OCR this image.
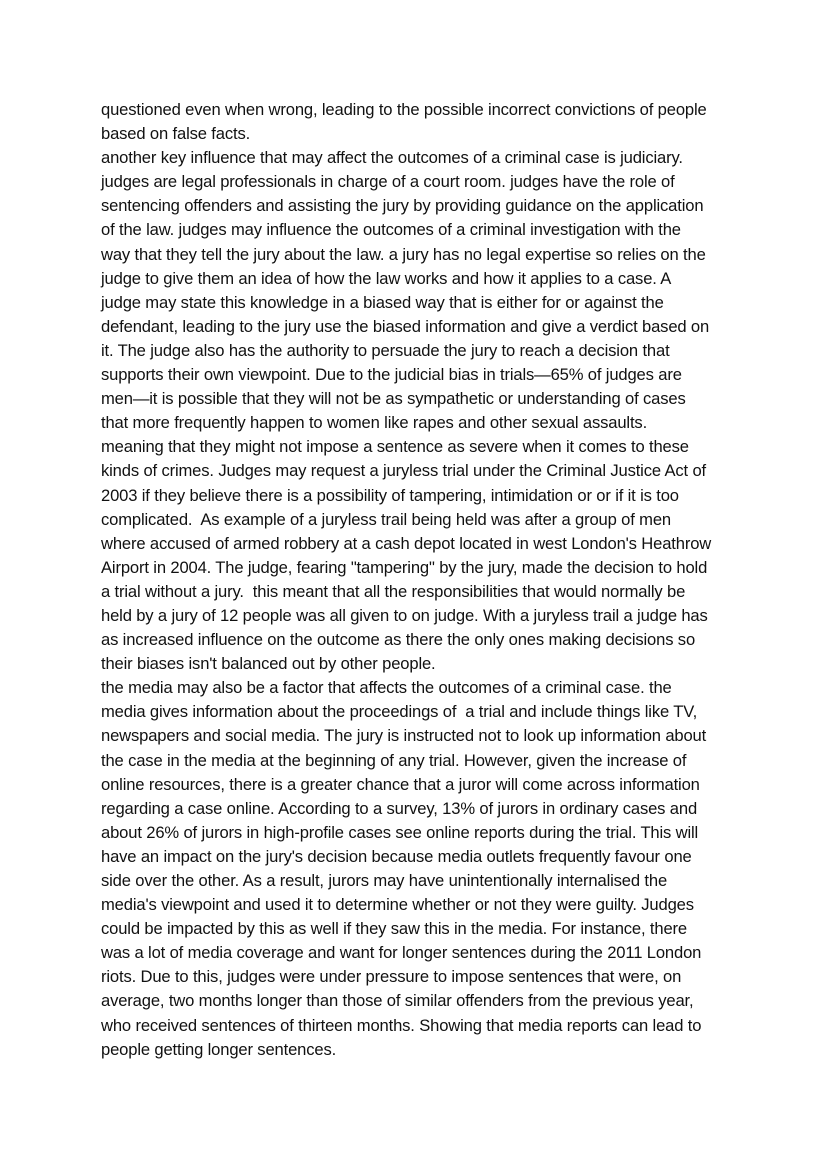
questioned even when wrong, leading to the possible incorrect convictions of people
based on false facts.
another key influence that may affect the outcomes of a criminal case is judiciary.
judges are legal professionals in charge of a court room. judges have the role of
sentencing offenders and assisting the jury by providing guidance on the application
of the law. judges may influence the outcomes of a criminal investigation with the
way that they tell the jury about the law. a jury has no legal expertise so relies on the
judge to give them an idea of how the law works and how it applies to a case. A
judge may state this knowledge in a biased way that is either for or against the
defendant, leading to the jury use the biased information and give a verdict based on
it. The judge also has the authority to persuade the jury to reach a decision that
supports their own viewpoint. Due to the judicial bias in trials—65% of judges are
men—it is possible that they will not be as sympathetic or understanding of cases
that more frequently happen to women like rapes and other sexual assaults.
meaning that they might not impose a sentence as severe when it comes to these
kinds of crimes. Judges may request a juryless trial under the Criminal Justice Act of
2003 if they believe there is a possibility of tampering, intimidation or or if it is too
complicated.  As example of a juryless trail being held was after a group of men
where accused of armed robbery at a cash depot located in west London's Heathrow
Airport in 2004. The judge, fearing "tampering" by the jury, made the decision to hold
a trial without a jury.  this meant that all the responsibilities that would normally be
held by a jury of 12 people was all given to on judge. With a juryless trail a judge has
as increased influence on the outcome as there the only ones making decisions so
their biases isn't balanced out by other people.
the media may also be a factor that affects the outcomes of a criminal case. the
media gives information about the proceedings of  a trial and include things like TV,
newspapers and social media. The jury is instructed not to look up information about
the case in the media at the beginning of any trial. However, given the increase of
online resources, there is a greater chance that a juror will come across information
regarding a case online. According to a survey, 13% of jurors in ordinary cases and
about 26% of jurors in high-profile cases see online reports during the trial. This will
have an impact on the jury's decision because media outlets frequently favour one
side over the other. As a result, jurors may have unintentionally internalised the
media's viewpoint and used it to determine whether or not they were guilty. Judges
could be impacted by this as well if they saw this in the media. For instance, there
was a lot of media coverage and want for longer sentences during the 2011 London
riots. Due to this, judges were under pressure to impose sentences that were, on
average, two months longer than those of similar offenders from the previous year,
who received sentences of thirteen months. Showing that media reports can lead to
people getting longer sentences.
